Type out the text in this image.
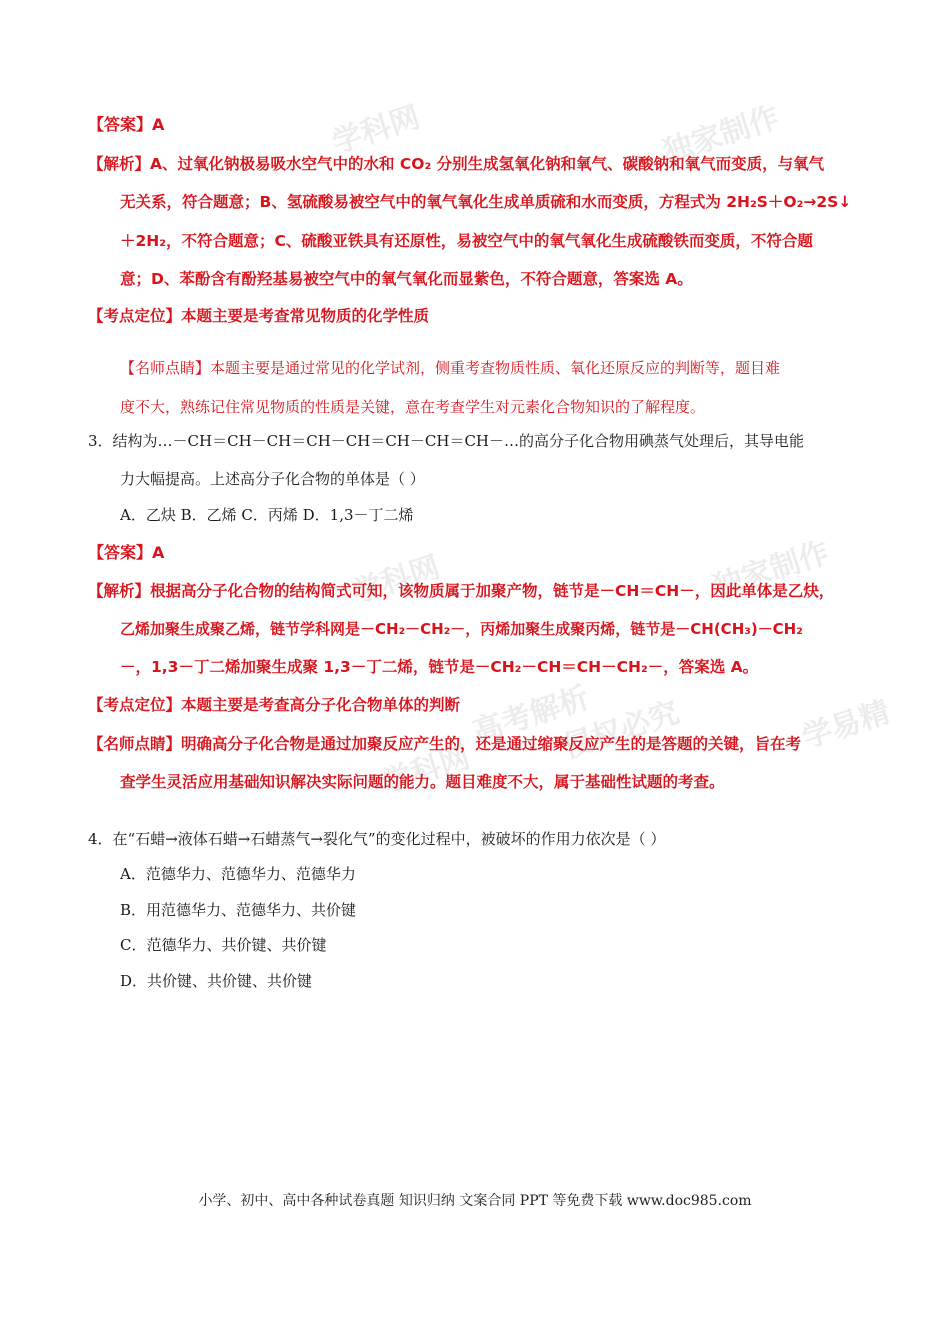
学科网	独家制作
独家制作
学科网
侵权必究
学科网
学易精
高考解析
【答案】A
【解析】A、过氧化钠极易吸水空气中的水和 CO₂ 分别生成氢氧化钠和氧气、碳酸钠和氧气而变质，与氧气
无关系，符合题意；B、氢硫酸易被空气中的氧气氧化生成单质硫和水而变质，方程式为 2H₂S＋O₂→2S↓
＋2H₂，不符合题意；C、硫酸亚铁具有还原性，易被空气中的氧气氧化生成硫酸铁而变质，不符合题
意；D、苯酚含有酚羟基易被空气中的氧气氧化而显紫色，不符合题意，答案选 A。
【考点定位】本题主要是考查常见物质的化学性质
【名师点睛】本题主要是通过常见的化学试剂，侧重考查物质性质、氧化还原反应的判断等，题目难
度不大，熟练记住常见物质的性质是关键，意在考查学生对元素化合物知识的了解程度。
3．结构为…－CH＝CH－CH＝CH－CH＝CH－CH＝CH－…的高分子化合物用碘蒸气处理后，其导电能
力大幅提高。上述高分子化合物的单体是（ ）
A．乙炔 B．乙烯 C．丙烯 D．1,3－丁二烯
【答案】A
【解析】根据高分子化合物的结构简式可知，该物质属于加聚产物，链节是－CH＝CH－，因此单体是乙炔，
乙烯加聚生成聚乙烯，链节学科网是－CH₂－CH₂－，丙烯加聚生成聚丙烯，链节是－CH(CH₃)－CH₂
－，1,3－丁二烯加聚生成聚 1,3－丁二烯，链节是－CH₂－CH＝CH－CH₂－，答案选 A。
【考点定位】本题主要是考查高分子化合物单体的判断
【名师点睛】明确高分子化合物是通过加聚反应产生的，还是通过缩聚反应产生的是答题的关键，旨在考
查学生灵活应用基础知识解决实际问题的能力。题目难度不大，属于基础性试题的考查。
4．在“石蜡→液体石蜡→石蜡蒸气→裂化气”的变化过程中，被破坏的作用力依次是（ ）
A．范德华力、范德华力、范德华力
B．用范德华力、范德华力、共价键
C．范德华力、共价键、共价键
D．共价键、共价键、共价键
小学、初中、高中各种试卷真题 知识归纳 文案合同 PPT 等免费下载 www.doc985.com
